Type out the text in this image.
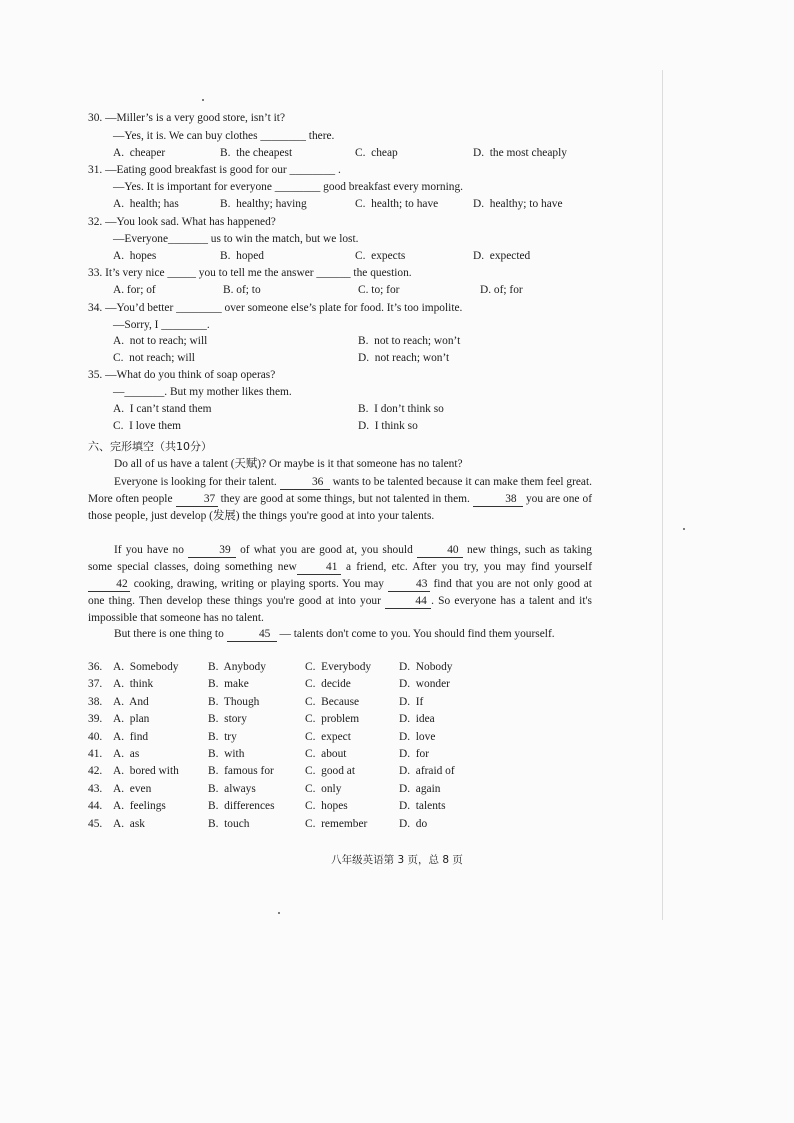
30. —Miller’s is a very good store, isn’t it?
—Yes, it is. We can buy clothes ________ there.
A.  cheaper	B.  the cheapest	C.  cheap	D.  the most cheaply
31. —Eating good breakfast is good for our ________ .
—Yes. It is important for everyone ________ good breakfast every morning.
A.  health; has	B.  healthy; having	C.  health; to have	D.  healthy; to have
32. —You look sad. What has happened?
—Everyone_______ us to win the match, but we lost.
A.  hopes	B.  hoped	C.  expects	D.  expected
33. It’s very nice _____ you to tell me the answer ______ the question.
A. for; of	B. of; to	C. to; for	D. of; for
34. —You’d better ________ over someone else’s plate for food. It’s too impolite.
—Sorry, I ________.
A.  not to reach; will	B.  not to reach; won’t
C.  not reach; will	D.  not reach; won’t
35. —What do you think of soap operas?
—_______. But my mother likes them.
A.  I can’t stand them	B.  I don’t think so
C.  I love them	D.  I think so
六、完形填空（共10分）
Do all of us have a talent (天赋)? Or maybe is it that someone has no talent?
Everyone is looking for their talent.	36 wants to be talented because it can make them feel great. More often people	37 they are good at some things, but not talented in them.	38 you are one of those people, just develop (发展) the things you're good at into your talents.
If you have no	39 of what you are good at, you should	40 new things, such as taking some special classes, doing something new	41 a friend, etc. After you try, you may find yourself 42 cooking, drawing, writing or playing sports. You may	43 find that you are not only good at one thing. Then develop these things you're good at into your	44 . So everyone has a talent and it's impossible that someone has no talent.
But there is one thing to	45 — talents don't come to you. You should find them yourself.
36. A.  Somebody	B.  Anybody	C.  Everybody D.  Nobody
37. A.  think	B.  make	C.  decide	D.  wonder
38. A.  And	B.  Though	C.  Because	D.  If
39. A.  plan	B.  story	C.  problem	D.  idea
40. A.  find	B.  try	C.  expect	D.  love
41. A.  as	B.  with	C.  about	D.  for
42. A.  bored with	B.  famous for	C.  good at	D.  afraid of
43. A.  even	B.  always	C.  only	D.  again
44. A.  feelings	B.  differences	C.  hopes	D.  talents
45. A.  ask	B.  touch	C.  remember	D.  do
八年级英语第 3 页，总 8 页
